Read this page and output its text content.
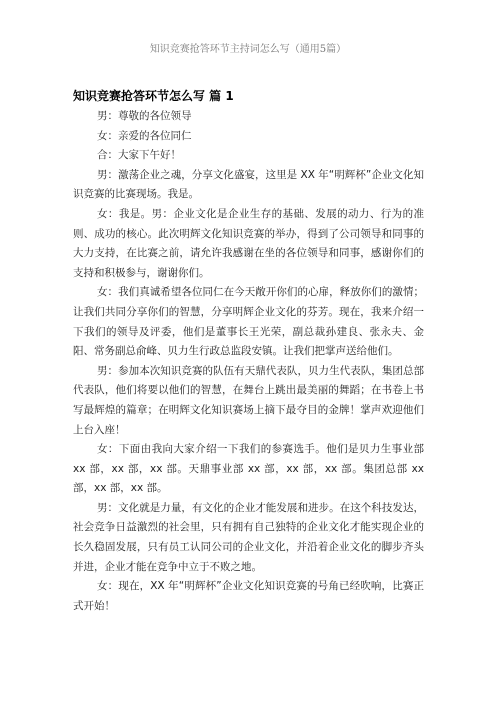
知识竞赛抢答环节主持词怎么写（通用5篇）
知识竞赛抢答环节怎么写 篇 1

男：尊敬的各位领导

女：亲爱的各位同仁

合：大家下午好！

男：激荡企业之魂，分享文化盛宴，这里是 XX 年“明辉杯”企业文化知识竞赛的比赛现场。我是。

女：我是。男：企业文化是企业生存的基础、发展的动力、行为的准则、成功的核心。此次明辉文化知识竞赛的举办，得到了公司领导和同事的大力支持，在比赛之前，请允许我感谢在坐的各位领导和同事，感谢你们的支持和积极参与，谢谢你们。

女：我们真诚希望各位同仁在今天敞开你们的心扉，释放你们的激情；让我们共同分享你们的智慧，分享明辉企业文化的芬芳。现在，我来介绍一下我们的领导及评委，他们是董事长王光荣，副总裁孙建良、张永夫、金阳、常务副总俞峰、贝力生行政总监段安镇。让我们把掌声送给他们。

男：参加本次知识竞赛的队伍有天鼎代表队，贝力生代表队，集团总部代表队，他们将要以他们的智慧，在舞台上跳出最美丽的舞蹈；在书卷上书写最辉煌的篇章；在明辉文化知识赛场上摘下最夺目的金牌！掌声欢迎他们上台入座！

女：下面由我向大家介绍一下我们的参赛选手。他们是贝力生事业部 xx 部，xx 部，xx 部。天鼎事业部 xx 部，xx 部，xx 部。集团总部 xx 部，xx 部，xx 部。

男：文化就是力量，有文化的企业才能发展和进步。在这个科技发达，社会竞争日益激烈的社会里，只有拥有自己独特的企业文化才能实现企业的长久稳固发展，只有员工认同公司的企业文化，并沿着企业文化的脚步齐头并进，企业才能在竞争中立于不败之地。

女：现在，XX 年“明辉杯”企业文化知识竞赛的号角已经吹响，比赛正式开始！
